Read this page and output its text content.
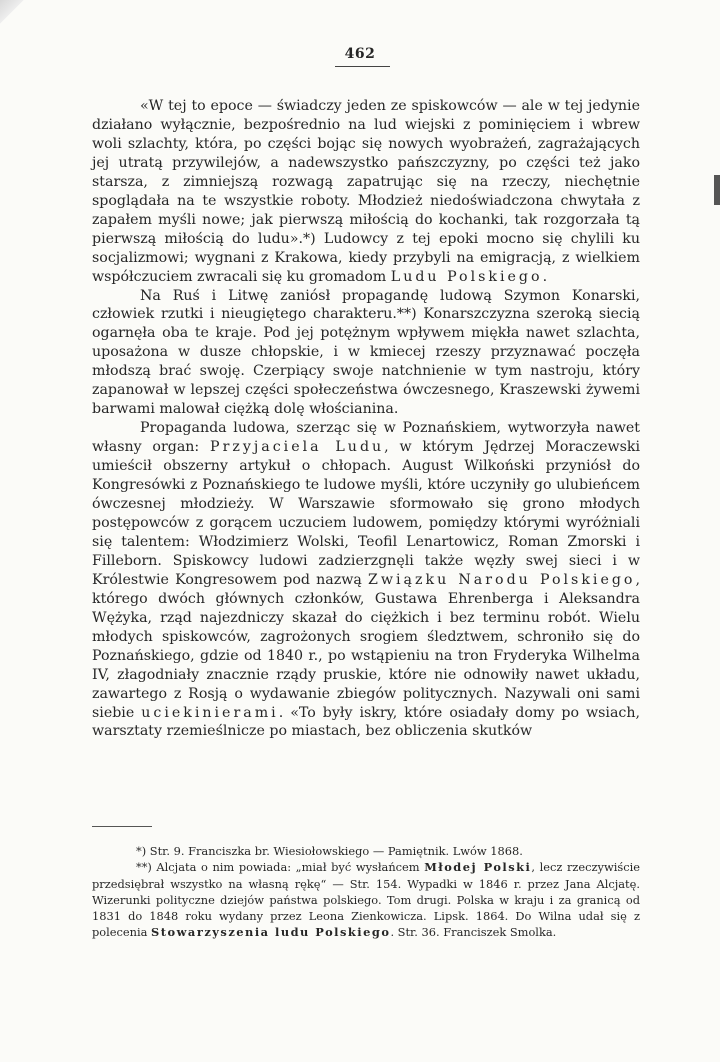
462

«W tej to epoce — świadczy jeden ze spiskowców — ale w tej jedynie działano wyłącznie, bezpośrednio na lud wiejski z pominięciem i wbrew woli szlachty, która, po części bojąc się nowych wyobrażeń, zagrażających jej utratą przywilejów, a nadewszystko pańszczyzny, po części też jako starsza, z zimniejszą rozwagą zapatrując się na rzeczy, niechętnie spoglądała na te wszystkie roboty. Młodzież niedoświadczona chwytała z zapałem myśli nowe; jak pierwszą miłością do kochanki, tak rozgorzała tą pierwszą miłością do ludu».*) Ludowcy z tej epoki mocno się chylili ku socjalizmowi; wygnani z Krakowa, kiedy przybyli na emigracją, z wielkiem współczuciem zwracali się ku gromadom Ludu Polskiego.

Na Ruś i Litwę zaniósł propagandę ludową Szymon Konarski, człowiek rzutki i nieugiętego charakteru.**) Konarszczyzna szeroką siecią ogarnęła oba te kraje. Pod jej potężnym wpływem miękła nawet szlachta, uposażona w dusze chłopskie, i w kmiecej rzeszy przyznawać poczęła młodszą brać swoję. Czerpiący swoje natchnienie w tym nastroju, który zapanował w lepszej części społeczeństwa ówczesnego, Kraszewski żywemi barwami malował ciężką dolę włościanina.

Propaganda ludowa, szerząc się w Poznańskiem, wytworzyła nawet własny organ: Przyjaciela Ludu, w którym Jędrzej Moraczewski umieścił obszerny artykuł o chłopach. August Wilkoński przyniósł do Kongresówki z Poznańskiego te ludowe myśli, które uczyniły go ulubieńcem ówczesnej młodzieży. W Warszawie sformowało się grono młodych postępowców z gorącem uczuciem ludowem, pomiędzy którymi wyróżniali się talentem: Włodzimierz Wolski, Teofil Lenartowicz, Roman Zmorski i Filleborn. Spiskowcy ludowi zadzierzgnęli także węzły swej sieci i w Królestwie Kongresowem pod nazwą Związku Narodu Polskiego, którego dwóch głównych członków, Gustawa Ehrenberga i Aleksandra Wężyka, rząd najezdniczy skazał do ciężkich i bez terminu robót. Wielu młodych spiskowców, zagrożonych srogiem śledztwem, schroniło się do Poznańskiego, gdzie od 1840 r., po wstąpieniu na tron Fryderyka Wilhelma IV, złagodniały znacznie rządy pruskie, które nie odnowiły nawet układu, zawartego z Rosją o wydawanie zbiegów politycznych. Nazywali oni sami siebie uciekinierami. «To były iskry, które osiadały domy po wsiach, warsztaty rzemieślnicze po miastach, bez obliczenia skutków

*) Str. 9. Franciszka br. Wiesiołowskiego — Pamiętnik. Lwów 1868.

**) Alcjata o nim powiada: „miał być wysłańcem Młodej Polski, lecz rzeczywiście przedsiębrał wszystko na własną rękę“ — Str. 154. Wypadki w 1846 r. przez Jana Alcjatę. Wizerunki polityczne dziejów państwa polskiego. Tom drugi. Polska w kraju i za granicą od 1831 do 1848 roku wydany przez Leona Zienkowicza. Lipsk. 1864. Do Wilna udał się z polecenia Stowarzyszenia ludu Polskiego. Str. 36. Franciszek Smolka.
